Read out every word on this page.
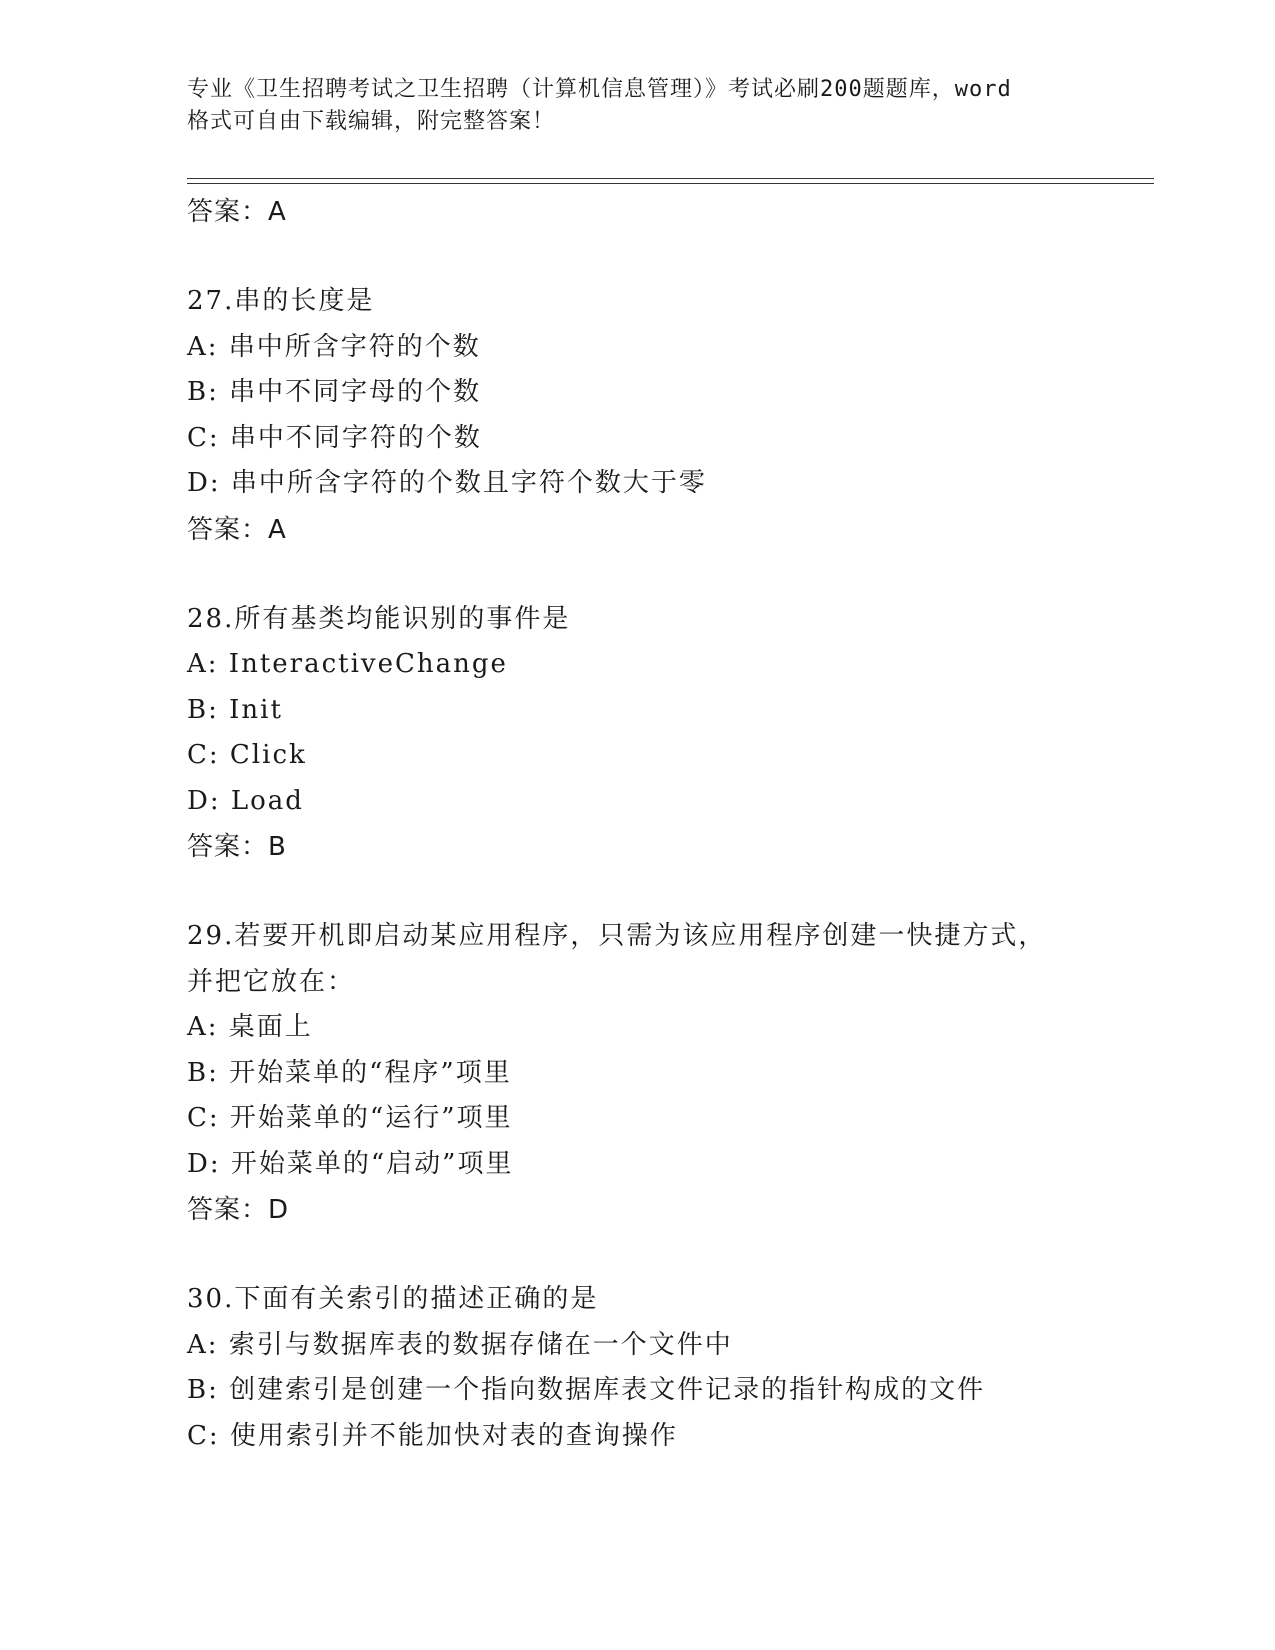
专业《卫生招聘考试之卫生招聘（计算机信息管理）》考试必刷200题题库，word
格式可自由下载编辑，附完整答案！
答案：A
27.串的长度是
A: 串中所含字符的个数
B: 串中不同字母的个数
C: 串中不同字符的个数
D: 串中所含字符的个数且字符个数大于零
答案：A
28.所有基类均能识别的事件是
A: InteractiveChange
B: Init
C: Click
D: Load
答案：B
29.若要开机即启动某应用程序，只需为该应用程序创建一快捷方式，
并把它放在：
A: 桌面上
B: 开始菜单的“程序”项里
C: 开始菜单的“运行”项里
D: 开始菜单的“启动”项里
答案：D
30.下面有关索引的描述正确的是
A: 索引与数据库表的数据存储在一个文件中
B: 创建索引是创建一个指向数据库表文件记录的指针构成的文件
C: 使用索引并不能加快对表的查询操作
